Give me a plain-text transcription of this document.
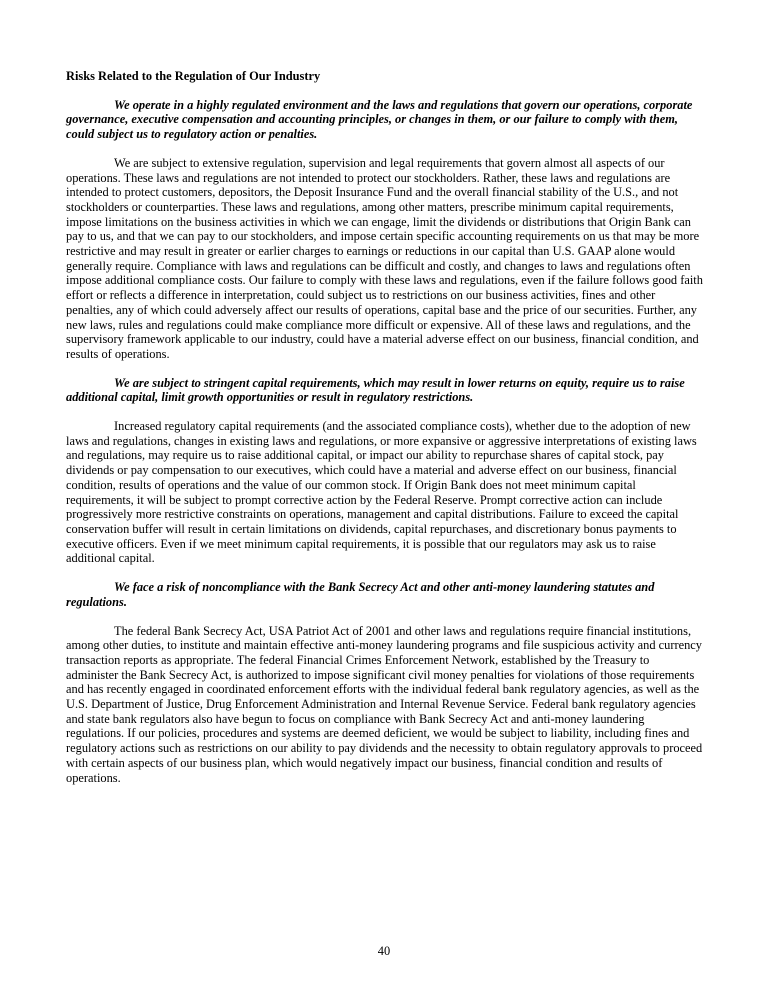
Risks Related to the Regulation of Our Industry
We operate in a highly regulated environment and the laws and regulations that govern our operations, corporate governance, executive compensation and accounting principles, or changes in them, or our failure to comply with them, could subject us to regulatory action or penalties.
We are subject to extensive regulation, supervision and legal requirements that govern almost all aspects of our operations. These laws and regulations are not intended to protect our stockholders. Rather, these laws and regulations are intended to protect customers, depositors, the Deposit Insurance Fund and the overall financial stability of the U.S., and not stockholders or counterparties. These laws and regulations, among other matters, prescribe minimum capital requirements, impose limitations on the business activities in which we can engage, limit the dividends or distributions that Origin Bank can pay to us, and that we can pay to our stockholders, and impose certain specific accounting requirements on us that may be more restrictive and may result in greater or earlier charges to earnings or reductions in our capital than U.S. GAAP alone would generally require. Compliance with laws and regulations can be difficult and costly, and changes to laws and regulations often impose additional compliance costs. Our failure to comply with these laws and regulations, even if the failure follows good faith effort or reflects a difference in interpretation, could subject us to restrictions on our business activities, fines and other penalties, any of which could adversely affect our results of operations, capital base and the price of our securities. Further, any new laws, rules and regulations could make compliance more difficult or expensive. All of these laws and regulations, and the supervisory framework applicable to our industry, could have a material adverse effect on our business, financial condition, and results of operations.
We are subject to stringent capital requirements, which may result in lower returns on equity, require us to raise additional capital, limit growth opportunities or result in regulatory restrictions.
Increased regulatory capital requirements (and the associated compliance costs), whether due to the adoption of new laws and regulations, changes in existing laws and regulations, or more expansive or aggressive interpretations of existing laws and regulations, may require us to raise additional capital, or impact our ability to repurchase shares of capital stock, pay dividends or pay compensation to our executives, which could have a material and adverse effect on our business, financial condition, results of operations and the value of our common stock. If Origin Bank does not meet minimum capital requirements, it will be subject to prompt corrective action by the Federal Reserve. Prompt corrective action can include progressively more restrictive constraints on operations, management and capital distributions. Failure to exceed the capital conservation buffer will result in certain limitations on dividends, capital repurchases, and discretionary bonus payments to executive officers. Even if we meet minimum capital requirements, it is possible that our regulators may ask us to raise additional capital.
We face a risk of noncompliance with the Bank Secrecy Act and other anti-money laundering statutes and regulations.
The federal Bank Secrecy Act, USA Patriot Act of 2001 and other laws and regulations require financial institutions, among other duties, to institute and maintain effective anti-money laundering programs and file suspicious activity and currency transaction reports as appropriate. The federal Financial Crimes Enforcement Network, established by the Treasury to administer the Bank Secrecy Act, is authorized to impose significant civil money penalties for violations of those requirements and has recently engaged in coordinated enforcement efforts with the individual federal bank regulatory agencies, as well as the U.S. Department of Justice, Drug Enforcement Administration and Internal Revenue Service. Federal bank regulatory agencies and state bank regulators also have begun to focus on compliance with Bank Secrecy Act and anti-money laundering regulations. If our policies, procedures and systems are deemed deficient, we would be subject to liability, including fines and regulatory actions such as restrictions on our ability to pay dividends and the necessity to obtain regulatory approvals to proceed with certain aspects of our business plan, which would negatively impact our business, financial condition and results of operations.
40
